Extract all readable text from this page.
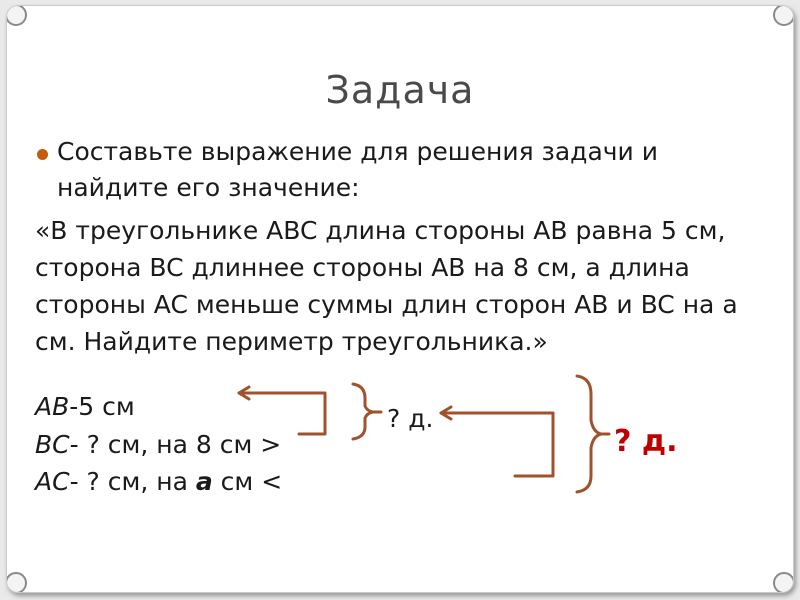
Задача
Составьте выражение для решения задачи и найдите его значение:
«В треугольнике ABC длина стороны AB равна 5 см, сторона BC длиннее стороны AB на 8 см, а длина стороны AC меньше суммы длин сторон AB и BC на а см. Найдите периметр треугольника.»
AB-5 см
BC- ? см, на 8 см >
AC- ? см, на а см <
? д.
? д.
